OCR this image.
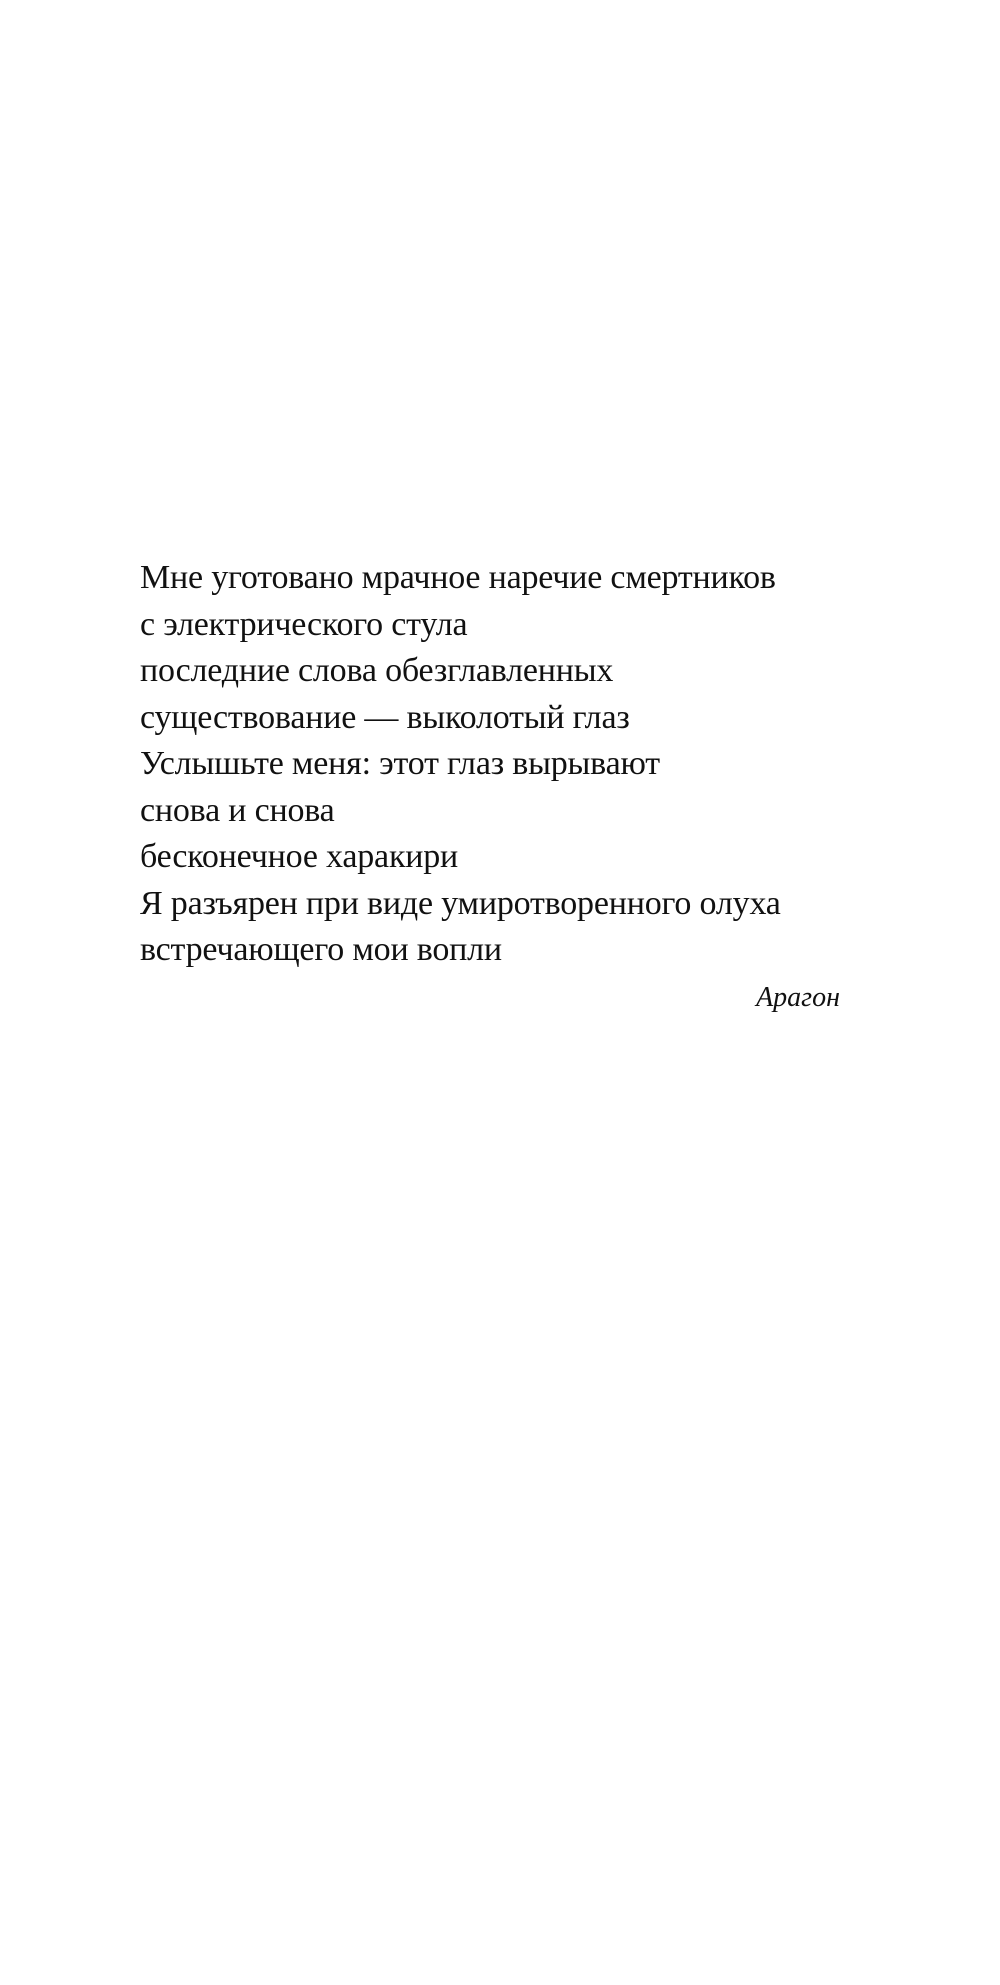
Мне уготовано мрачное наречие смертников
с электрического стула
последние слова обезглавленных
существование — выколотый глаз
Услышьте меня: этот глаз вырывают
снова и снова
бесконечное харакири
Я разъярен при виде умиротворенного олуха
встречающего мои вопли
Арагон
